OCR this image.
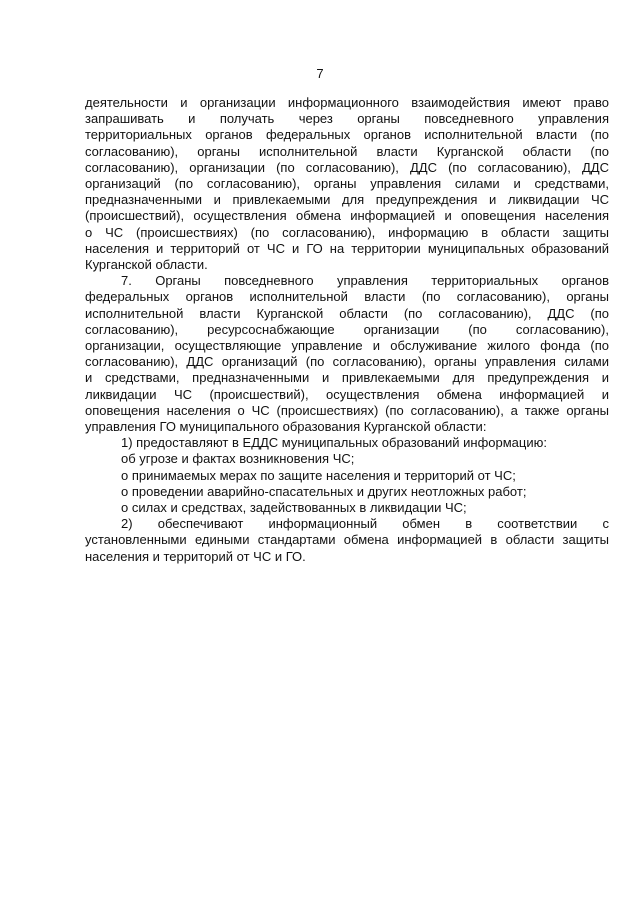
7
деятельности и организации информационного взаимодействия имеют право
запрашивать и получать через органы повседневного управления
территориальных органов федеральных органов исполнительной власти (по
согласованию), органы исполнительной власти Курганской области (по
согласованию), организации (по согласованию), ДДС (по согласованию), ДДС
организаций (по согласованию), органы управления силами и средствами,
предназначенными и привлекаемыми для предупреждения и ликвидации ЧС
(происшествий), осуществления обмена информацией и оповещения населения
о ЧС (происшествиях) (по согласованию), информацию в области защиты
населения и территорий от ЧС и ГО на территории муниципальных образований
Курганской области.
7. Органы повседневного управления территориальных органов
федеральных органов исполнительной власти (по согласованию), органы
исполнительной власти Курганской области (по согласованию), ДДС (по
согласованию), ресурсоснабжающие организации (по согласованию),
организации, осуществляющие управление и обслуживание жилого фонда (по
согласованию), ДДС организаций (по согласованию), органы управления силами
и средствами, предназначенными и привлекаемыми для предупреждения и
ликвидации ЧС (происшествий), осуществления обмена информацией и
оповещения населения о ЧС (происшествиях) (по согласованию), а также органы
управления ГО муниципального образования Курганской области:
1) предоставляют в ЕДДС муниципальных образований информацию:
об угрозе и фактах возникновения ЧС;
о принимаемых мерах по защите населения и территорий от ЧС;
о проведении аварийно-спасательных и других неотложных работ;
о силах и средствах, задействованных в ликвидации ЧС;
2) обеспечивают информационный обмен в соответствии с
установленными едиными стандартами обмена информацией в области защиты
населения и территорий от ЧС и ГО.
